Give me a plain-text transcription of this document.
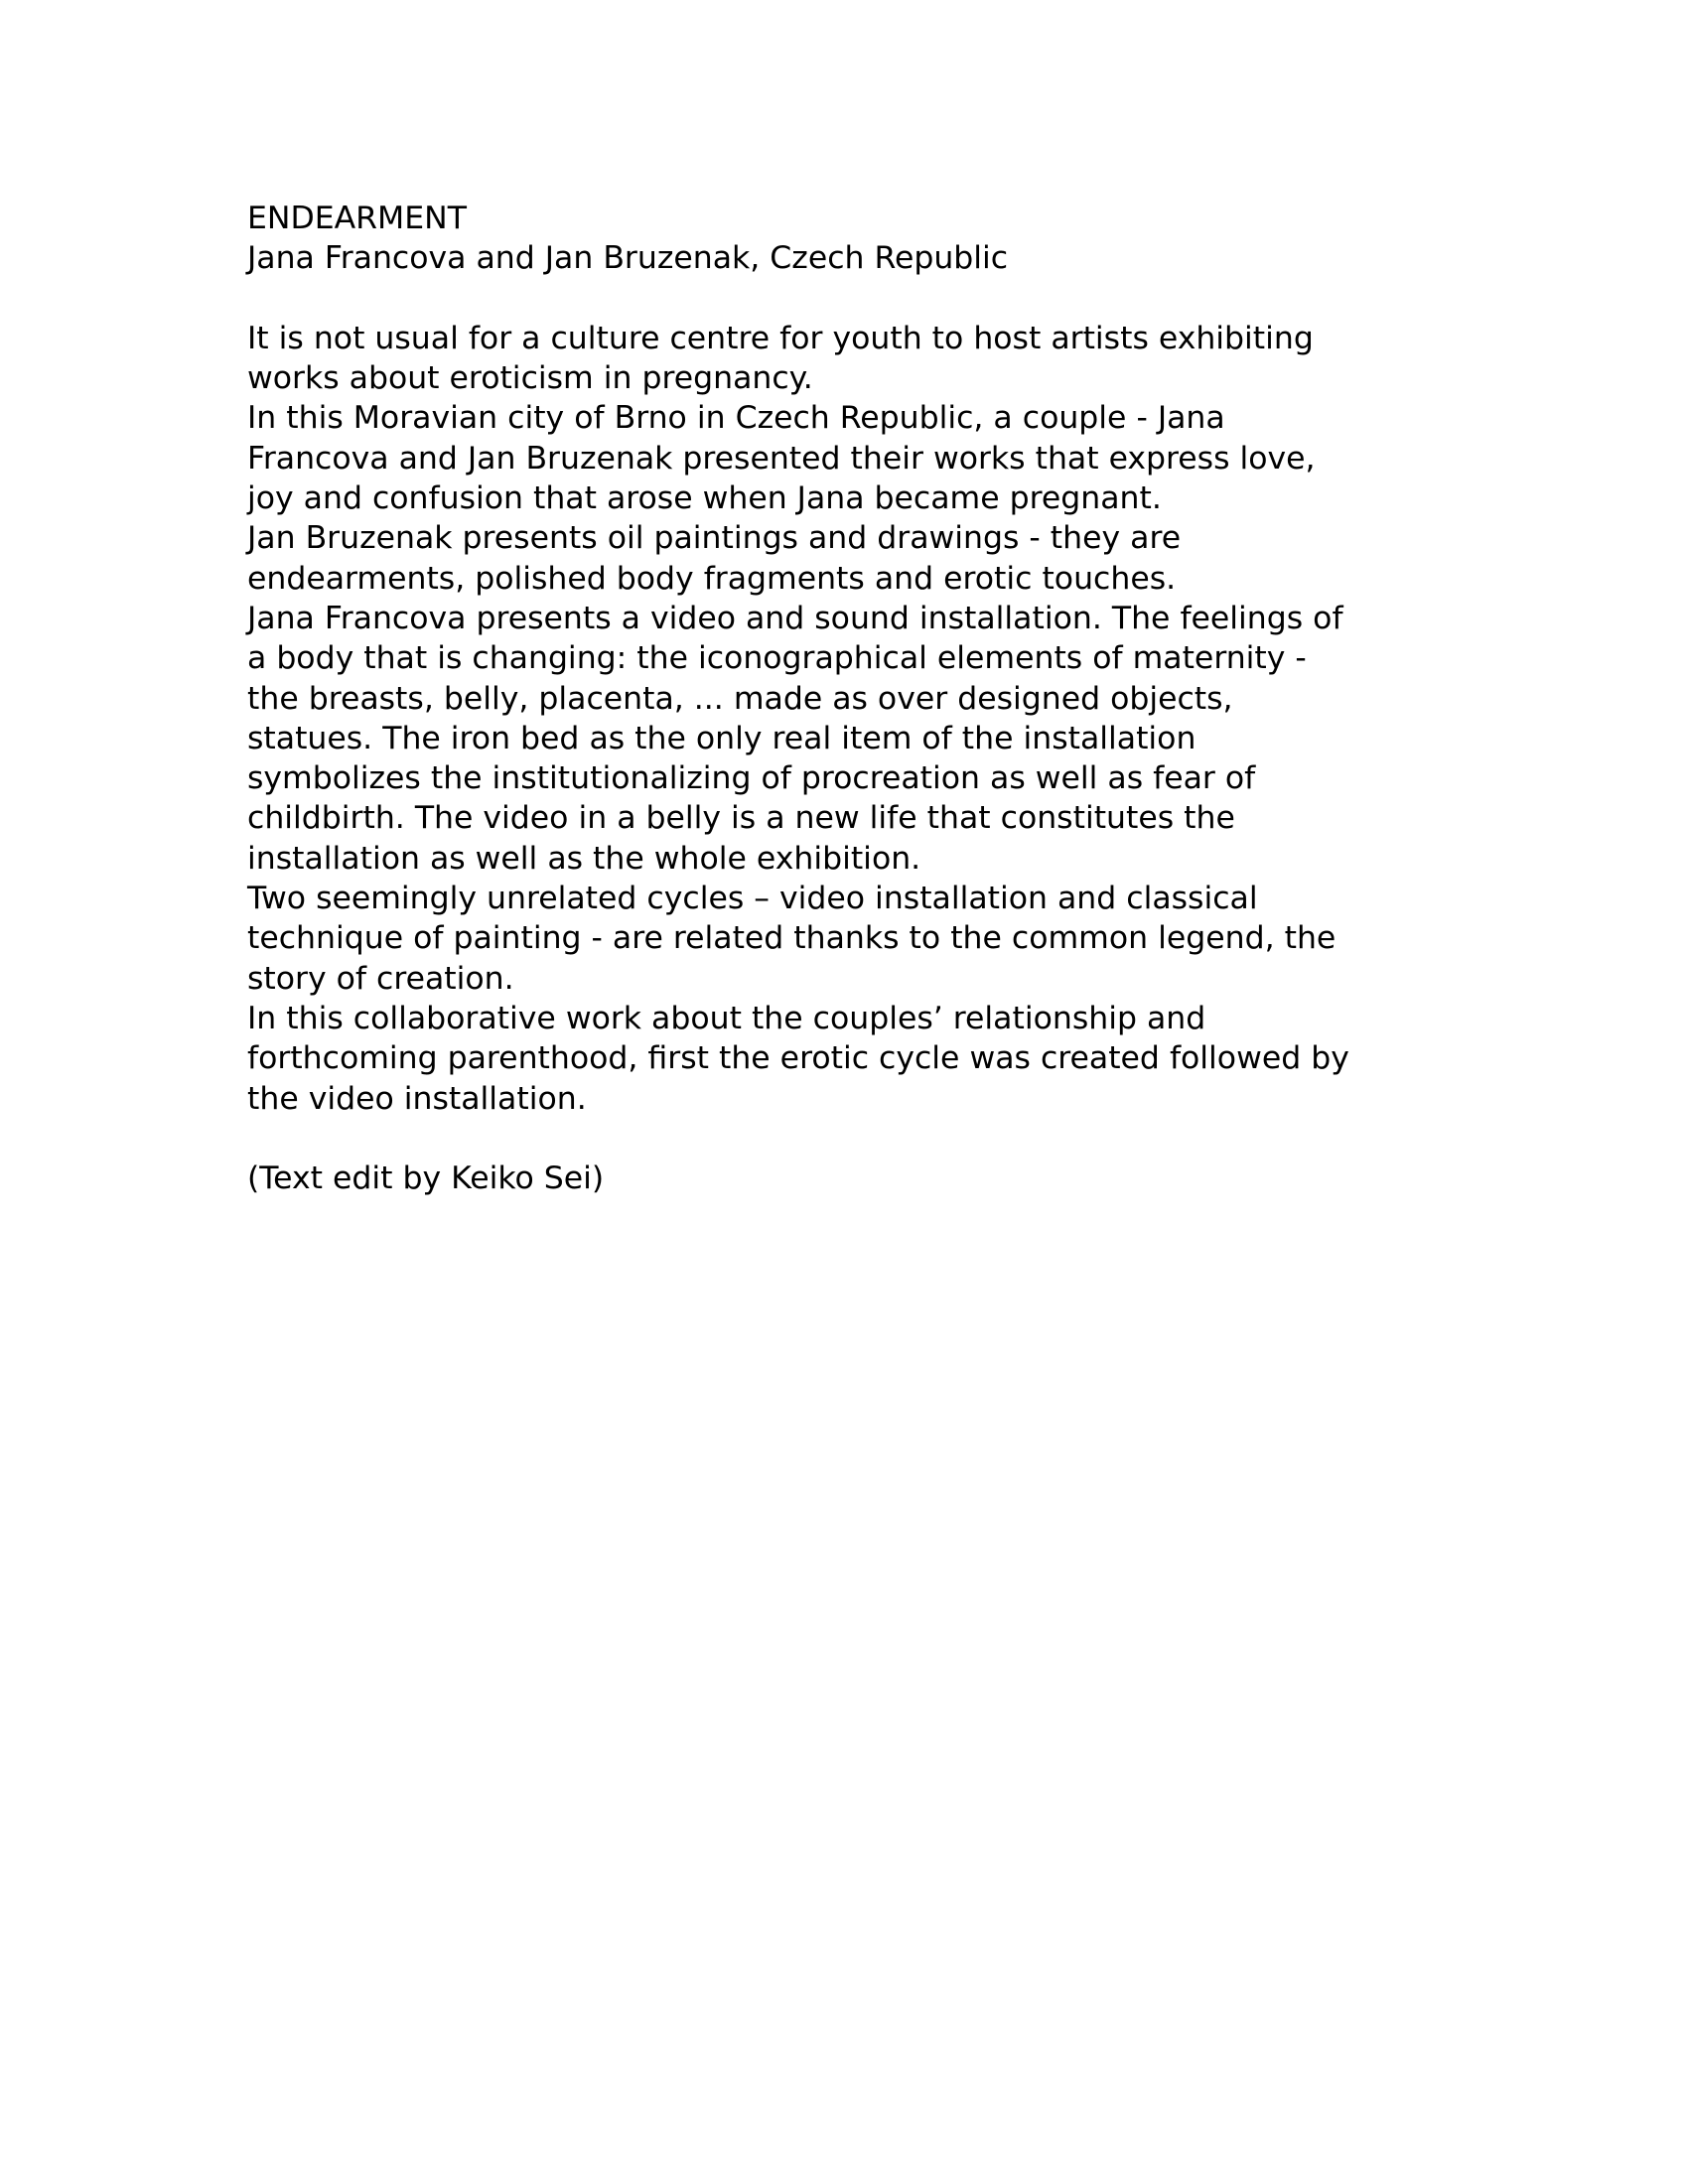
ENDEARMENT
Jana Francova and Jan Bruzenak, Czech Republic
It is not usual for a culture centre for youth to host artists exhibiting
works about eroticism in pregnancy.
In this Moravian city of Brno in Czech Republic, a couple - Jana
Francova and Jan Bruzenak presented their works that express love,
joy and confusion that arose when Jana became pregnant.
Jan Bruzenak presents oil paintings and drawings - they are
endearments, polished body fragments and erotic touches.
Jana Francova presents a video and sound installation. The feelings of
a body that is changing: the iconographical elements of maternity -
the breasts, belly, placenta, ... made as over designed objects,
statues. The iron bed as the only real item of the installation
symbolizes the institutionalizing of procreation as well as fear of
childbirth. The video in a belly is a new life that constitutes the
installation as well as the whole exhibition.
Two seemingly unrelated cycles – video installation and classical
technique of painting - are related thanks to the common legend, the
story of creation.
In this collaborative work about the couples’ relationship and
forthcoming parenthood, first the erotic cycle was created followed by
the video installation.
(Text edit by Keiko Sei)
